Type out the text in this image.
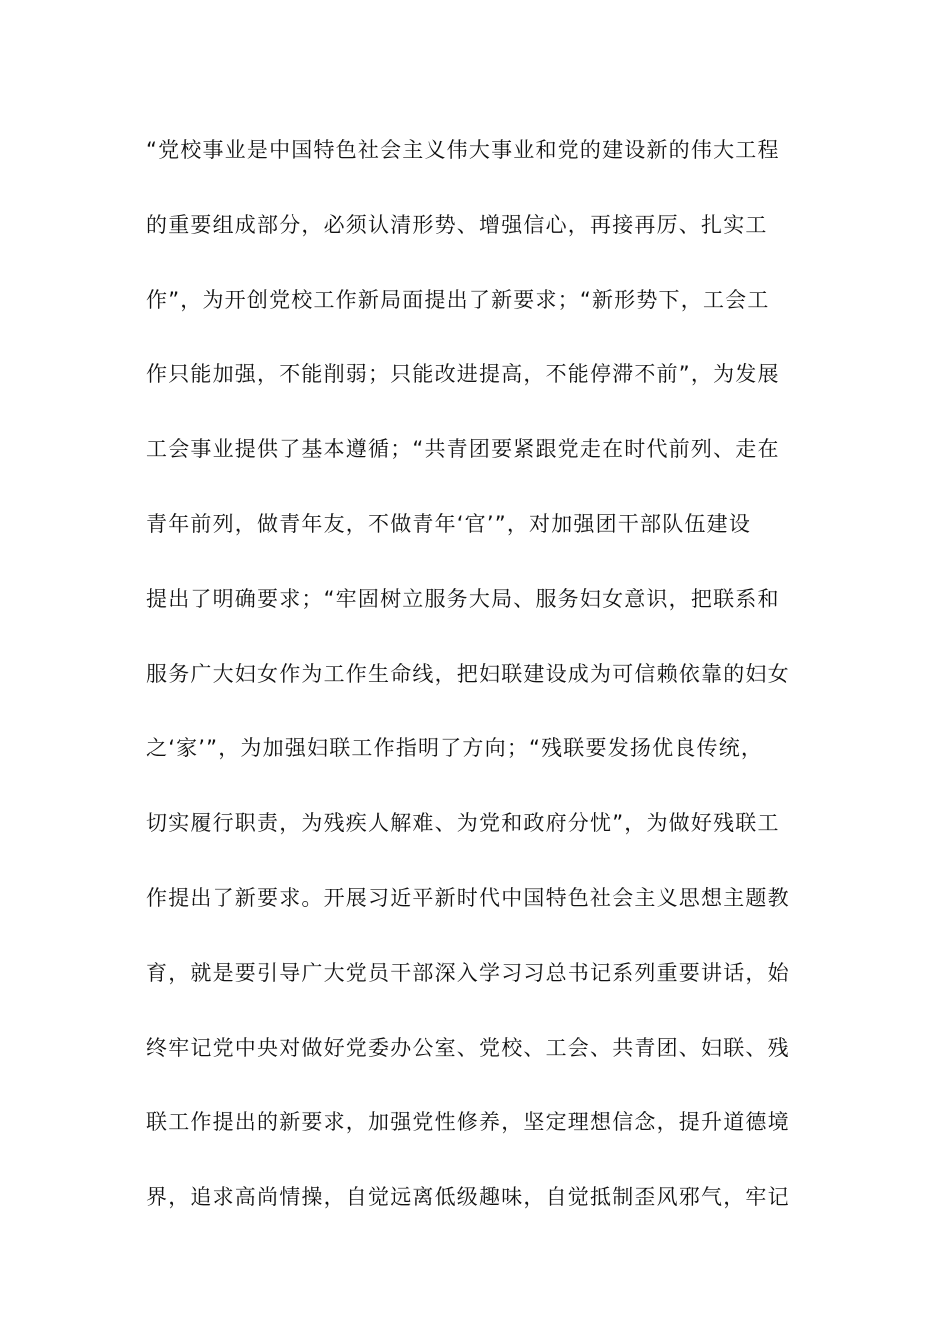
“党校事业是中国特色社会主义伟大事业和党的建设新的伟大工程
的重要组成部分，必须认清形势、增强信心，再接再厉、扎实工
作”，为开创党校工作新局面提出了新要求；“新形势下，工会工
作只能加强，不能削弱；只能改进提高，不能停滞不前”，为发展
工会事业提供了基本遵循；“共青团要紧跟党走在时代前列、走在
青年前列，做青年友，不做青年‘官’”，对加强团干部队伍建设
提出了明确要求；“牢固树立服务大局、服务妇女意识，把联系和
服务广大妇女作为工作生命线，把妇联建设成为可信赖依靠的妇女
之‘家’”，为加强妇联工作指明了方向；“残联要发扬优良传统，
切实履行职责，为残疾人解难、为党和政府分忧”，为做好残联工
作提出了新要求。开展习近平新时代中国特色社会主义思想主题教
育，就是要引导广大党员干部深入学习习总书记系列重要讲话，始
终牢记党中央对做好党委办公室、党校、工会、共青团、妇联、残
联工作提出的新要求，加强党性修养，坚定理想信念，提升道德境
界，追求高尚情操，自觉远离低级趣味，自觉抵制歪风邪气，牢记
